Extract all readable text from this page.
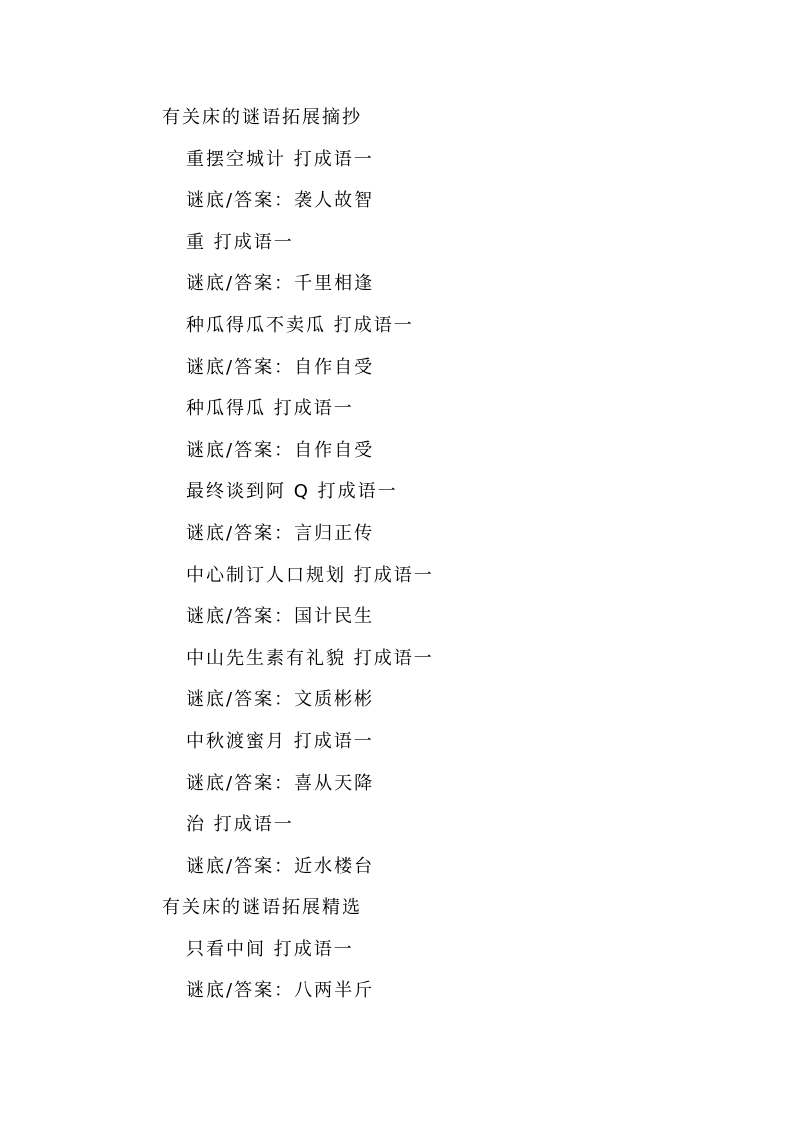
有关床的谜语拓展摘抄
重摆空城计 打成语一
谜底/答案：袭人故智
重 打成语一
谜底/答案：千里相逢
种瓜得瓜不卖瓜 打成语一
谜底/答案：自作自受
种瓜得瓜 打成语一
谜底/答案：自作自受
最终谈到阿 Q 打成语一
谜底/答案：言归正传
中心制订人口规划 打成语一
谜底/答案：国计民生
中山先生素有礼貌 打成语一
谜底/答案：文质彬彬
中秋渡蜜月 打成语一
谜底/答案：喜从天降
治 打成语一
谜底/答案：近水楼台
有关床的谜语拓展精选
只看中间 打成语一
谜底/答案：八两半斤
